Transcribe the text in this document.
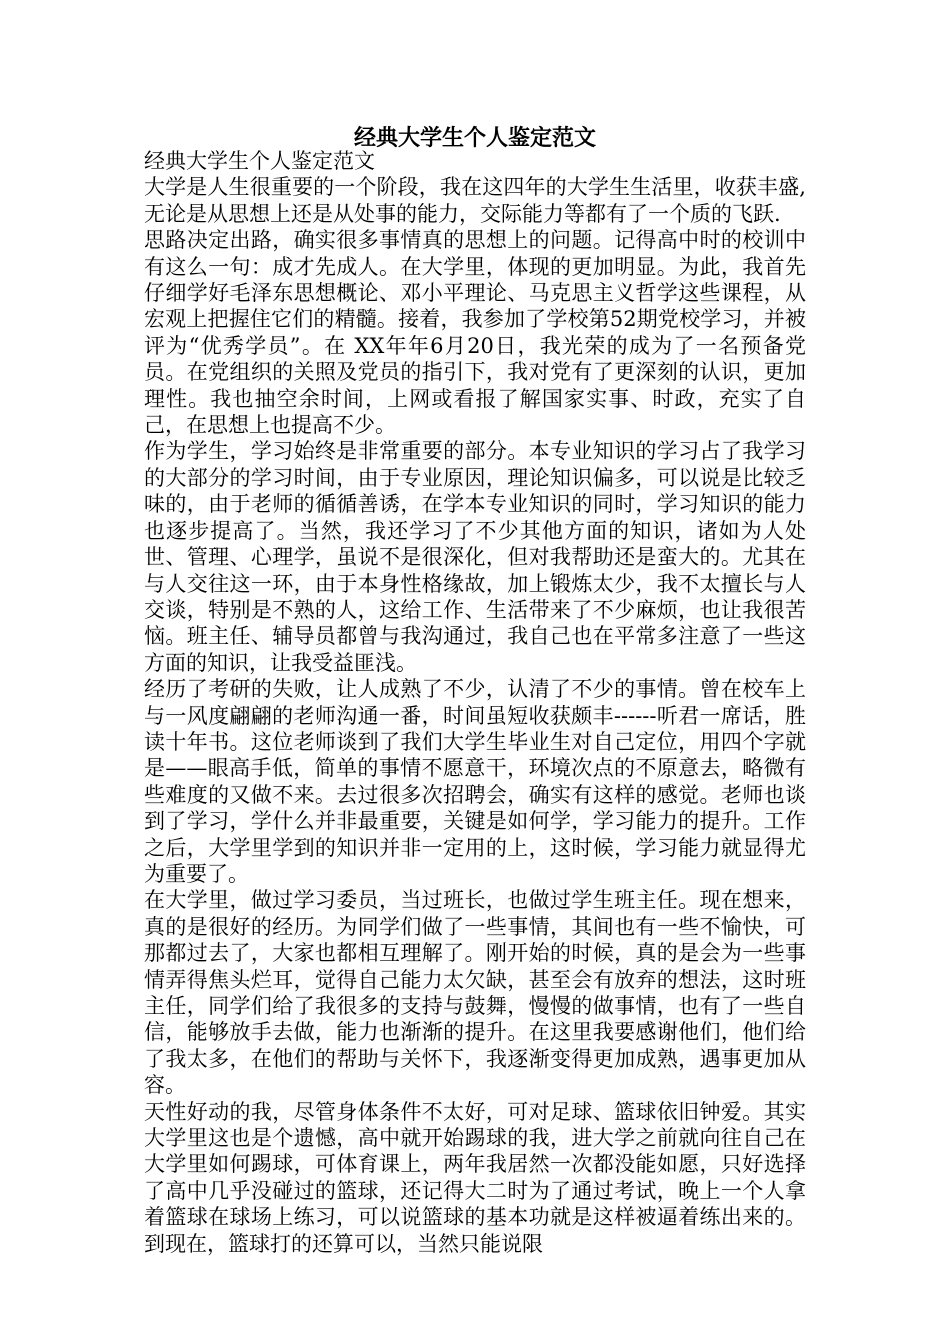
经典大学生个人鉴定范文

经典大学生个人鉴定范文

大学是人生很重要的一个阶段，我在这四年的大学生生活里，收获丰盛,无论是从思想上还是从处事的能力，交际能力等都有了一个质的飞跃.

思路决定出路，确实很多事情真的思想上的问题。记得高中时的校训中有这么一句：成才先成人。在大学里，体现的更加明显。为此，我首先仔细学好毛泽东思想概论、邓小平理论、马克思主义哲学这些课程，从宏观上把握住它们的精髓。接着，我参加了学校第52期党校学习，并被评为“优秀学员”。在 XX年年6月20日，我光荣的成为了一名预备党员。在党组织的关照及党员的指引下，我对党有了更深刻的认识，更加理性。我也抽空余时间，上网或看报了解国家实事、时政，充实了自己，在思想上也提高不少。

作为学生，学习始终是非常重要的部分。本专业知识的学习占了我学习的大部分的学习时间，由于专业原因，理论知识偏多，可以说是比较乏味的，由于老师的循循善诱，在学本专业知识的同时，学习知识的能力也逐步提高了。当然，我还学习了不少其他方面的知识，诸如为人处世、管理、心理学，虽说不是很深化，但对我帮助还是蛮大的。尤其在与人交往这一环，由于本身性格缘故，加上锻炼太少，我不太擅长与人交谈，特别是不熟的人，这给工作、生活带来了不少麻烦，也让我很苦恼。班主任、辅导员都曾与我沟通过，我自己也在平常多注意了一些这方面的知识，让我受益匪浅。

经历了考研的失败，让人成熟了不少，认清了不少的事情。曾在校车上与一风度翩翩的老师沟通一番，时间虽短收获颇丰------听君一席话，胜读十年书。这位老师谈到了我们大学生毕业生对自己定位，用四个字就是——眼高手低，简单的事情不愿意干，环境次点的不原意去，略微有些难度的又做不来。去过很多次招聘会，确实有这样的感觉。老师也谈到了学习，学什么并非最重要，关键是如何学，学习能力的提升。工作之后，大学里学到的知识并非一定用的上，这时候，学习能力就显得尤为重要了。

在大学里，做过学习委员，当过班长，也做过学生班主任。现在想来，真的是很好的经历。为同学们做了一些事情，其间也有一些不愉快，可那都过去了，大家也都相互理解了。刚开始的时候，真的是会为一些事情弄得焦头烂耳，觉得自己能力太欠缺，甚至会有放弃的想法，这时班主任，同学们给了我很多的支持与鼓舞，慢慢的做事情，也有了一些自信，能够放手去做，能力也渐渐的提升。在这里我要感谢他们，他们给了我太多，在他们的帮助与关怀下，我逐渐变得更加成熟，遇事更加从容。

天性好动的我，尽管身体条件不太好，可对足球、篮球依旧钟爱。其实大学里这也是个遗憾，高中就开始踢球的我，进大学之前就向往自己在大学里如何踢球，可体育课上，两年我居然一次都没能如愿，只好选择了高中几乎没碰过的篮球，还记得大二时为了通过考试，晚上一个人拿着篮球在球场上练习，可以说篮球的基本功就是这样被逼着练出来的。到现在，篮球打的还算可以，当然只能说限
